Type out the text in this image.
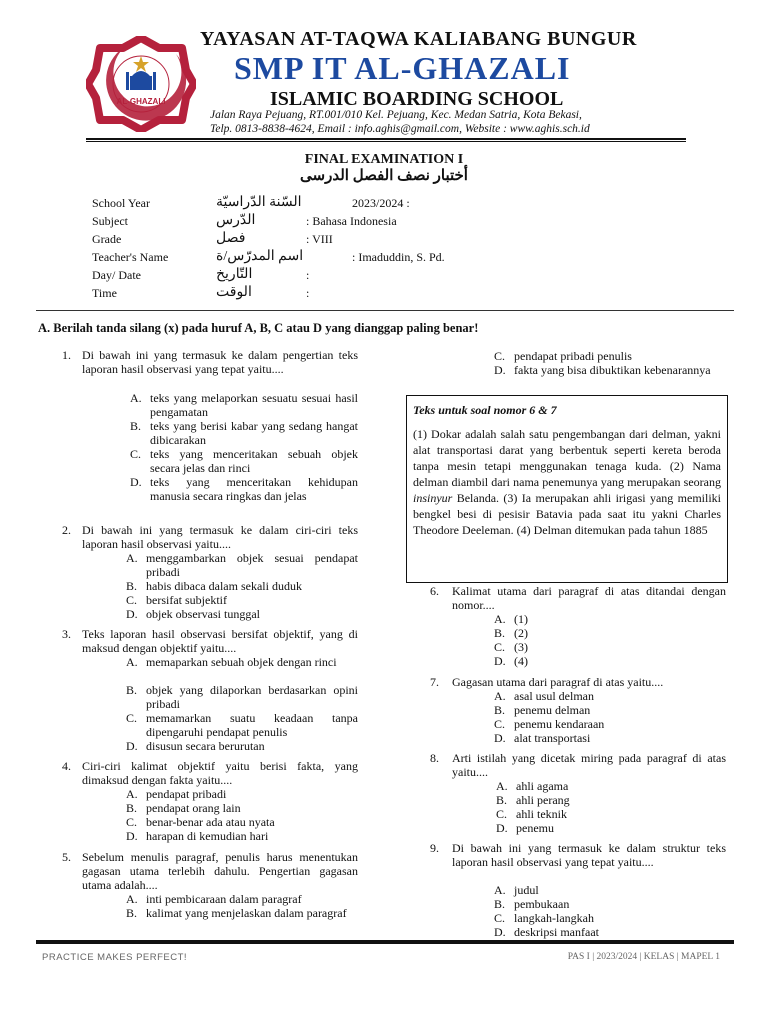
AL-GHAZALI
YAYASAN AT-TAQWA KALIABANG BUNGUR
SMP IT AL-GHAZALI
ISLAMIC BOARDING SCHOOL
Jalan Raya Pejuang, RT.001/010 Kel. Pejuang, Kec. Medan Satria, Kota Bekasi,
Telp. 0813-8838-4624, Email : info.aghis@gmail.com, Website : www.aghis.sch.id
FINAL EXAMINATION I
أختبار نصف الفصل الدرسى
School Year	السّنة الدّراسيّة	2023/2024 :
Subject	الدّرس	: Bahasa Indonesia
Grade	فصل	: VIII
Teacher's Name	اسم المدرّس/ة	: Imaduddin, S. Pd.
Day/ Date	التّاريخ	:
Time	الوقت	:
A. Berilah tanda silang (x) pada huruf A, B, C atau D yang dianggap paling benar!
1. Di bawah ini yang termasuk ke dalam pengertian teks laporan hasil observasi yang tepat yaitu....
A. teks yang melaporkan sesuatu sesuai hasil pengamatan
B. teks yang berisi kabar yang sedang hangat dibicarakan
C. teks yang menceritakan sebuah objek secara jelas dan rinci
D. teks yang menceritakan kehidupan manusia secara ringkas dan jelas
2. Di bawah ini yang termasuk ke dalam ciri-ciri teks laporan hasil observasi yaitu....
A. menggambarkan objek sesuai pendapat pribadi
B. habis dibaca dalam sekali duduk
C. bersifat subjektif
D. objek observasi tunggal
3. Teks laporan hasil observasi bersifat objektif, yang di maksud dengan objektif yaitu....
A. memaparkan sebuah objek dengan rinci
B. objek yang dilaporkan berdasarkan opini pribadi
C. memamarkan suatu keadaan tanpa dipengaruhi pendapat penulis
D. disusun secara berurutan
4. Ciri-ciri kalimat objektif yaitu berisi fakta, yang dimaksud dengan fakta yaitu....
A. pendapat pribadi
B. pendapat orang lain
C. benar-benar ada atau nyata
D. harapan di kemudian hari
5. Sebelum menulis paragraf, penulis harus menentukan gagasan utama terlebih dahulu. Pengertian gagasan utama adalah....
A. inti pembicaraan dalam paragraf
B. kalimat yang menjelaskan dalam paragraf
C. pendapat pribadi penulis
D. fakta yang bisa dibuktikan kebenarannya
Teks untuk soal nomor 6 & 7
(1) Dokar adalah salah satu pengembangan dari delman, yakni alat transportasi darat yang berbentuk seperti kereta beroda tanpa mesin tetapi menggunakan tenaga kuda. (2) Nama delman diambil dari nama penemunya yang merupakan seorang insinyur Belanda. (3) Ia merupakan ahli irigasi yang memiliki bengkel besi di pesisir Batavia pada saat itu yakni Charles Theodore Deeleman. (4) Delman ditemukan pada tahun 1885
6.	Kalimat utama dari paragraf di atas ditandai dengan nomor....
A. (1)
B. (2)
C. (3)
D. (4)
7.	Gagasan utama dari paragraf di atas yaitu....
A. asal usul delman
B. penemu delman
C. penemu kendaraan
D. alat transportasi
8.	Arti istilah yang dicetak miring pada paragraf di atas yaitu....
A. ahli agama
B. ahli perang
C. ahli teknik
D. penemu
9.	Di bawah ini yang termasuk ke dalam struktur teks laporan hasil observasi yang tepat yaitu....
A. judul
B. pembukaan
C. langkah-langkah
D. deskripsi manfaat
PRACTICE MAKES PERFECT!	PAS I | 2023/2024 | KELAS | MAPEL 1
